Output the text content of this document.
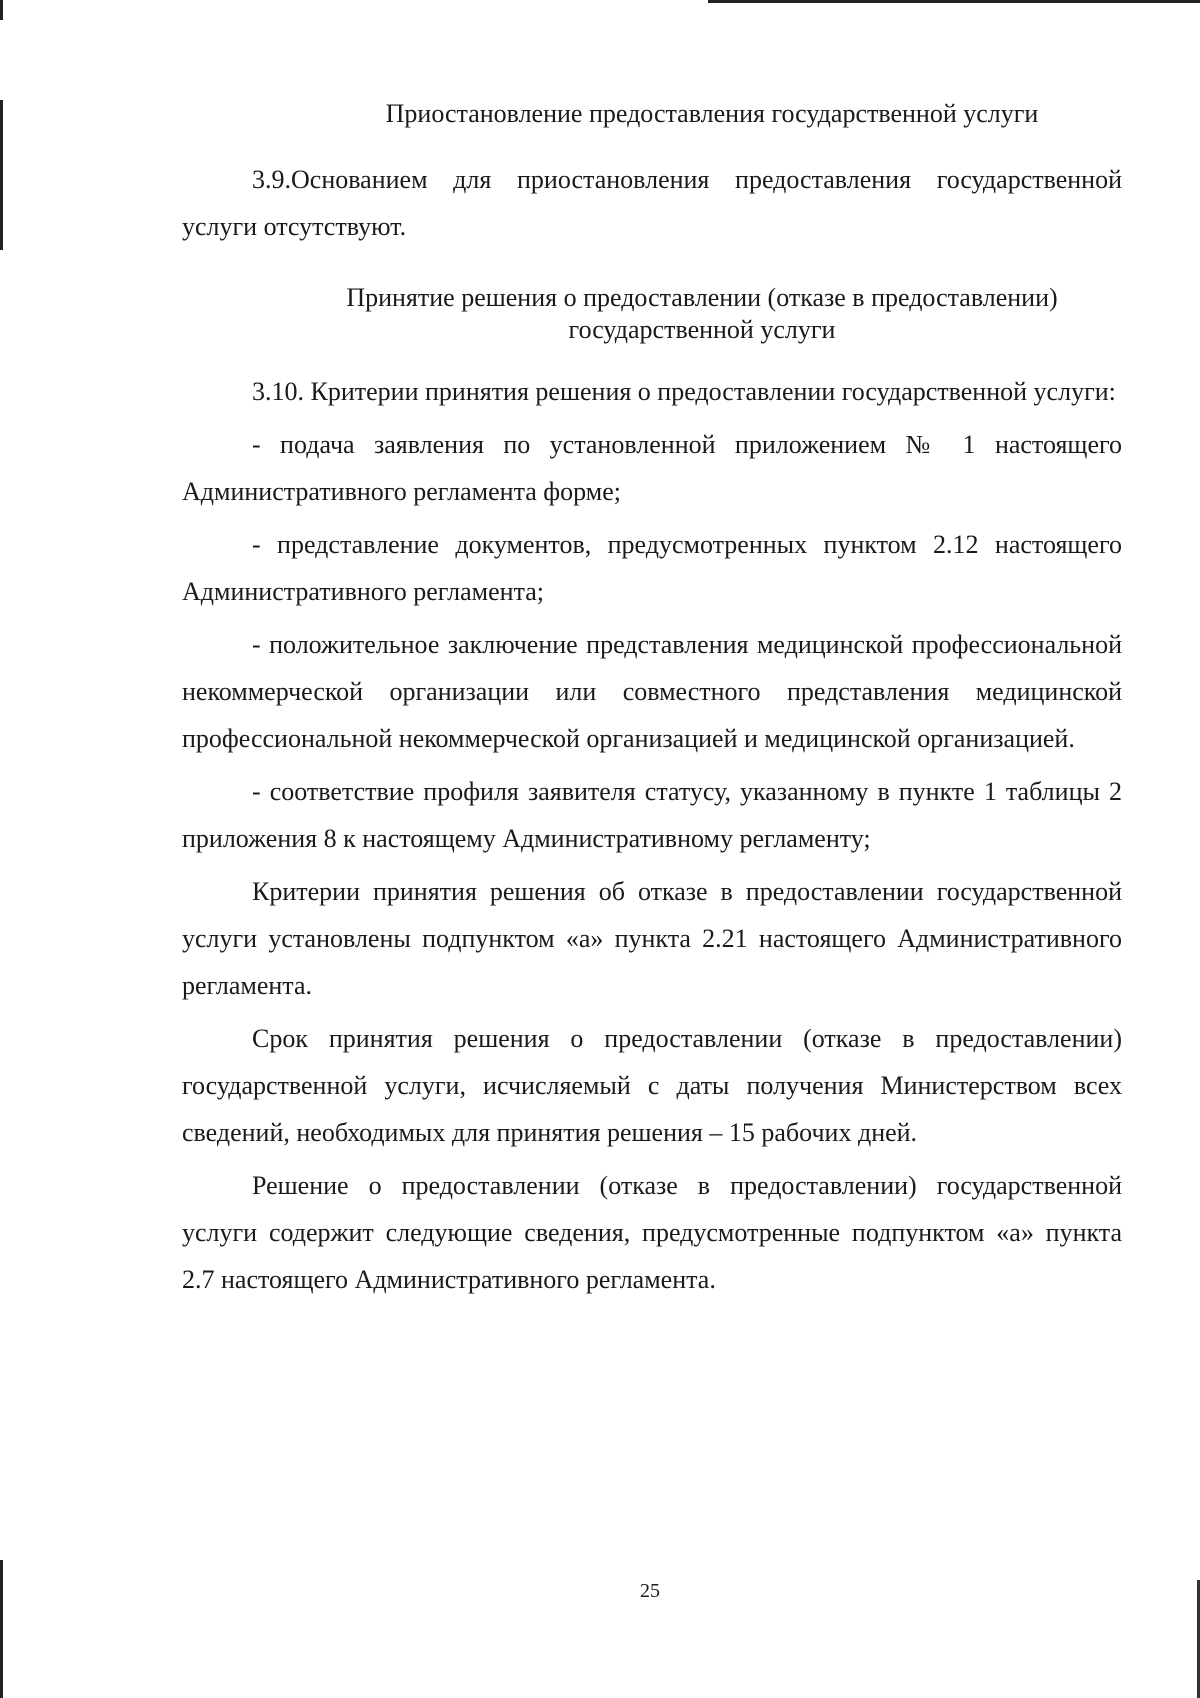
Приостановление предоставления государственной услуги

3.9.Основанием для приостановления предоставления государственной услуги отсутствуют.

Принятие решения о предоставлении (отказе в предоставлении)
государственной услуги

3.10. Критерии принятия решения о предоставлении государственной услуги:

- подача заявления по установленной приложением № 1 настоящего Административного регламента форме;

- представление документов, предусмотренных пунктом 2.12 настоящего Административного регламента;

- положительное заключение представления медицинской профессиональной некоммерческой организации или совместного представления медицинской профессиональной некоммерческой организацией и медицинской организацией.

- соответствие профиля заявителя статусу, указанному в пункте 1 таблицы 2 приложения 8 к настоящему Административному регламенту;

Критерии принятия решения об отказе в предоставлении государственной услуги установлены подпунктом «а» пункта 2.21 настоящего Административного регламента.

Срок принятия решения о предоставлении (отказе в предоставлении) государственной услуги, исчисляемый с даты получения Министерством всех сведений, необходимых для принятия решения – 15 рабочих дней.

Решение о предоставлении (отказе в предоставлении) государственной услуги содержит следующие сведения, предусмотренные подпунктом «а» пункта 2.7 настоящего Административного регламента.

25
